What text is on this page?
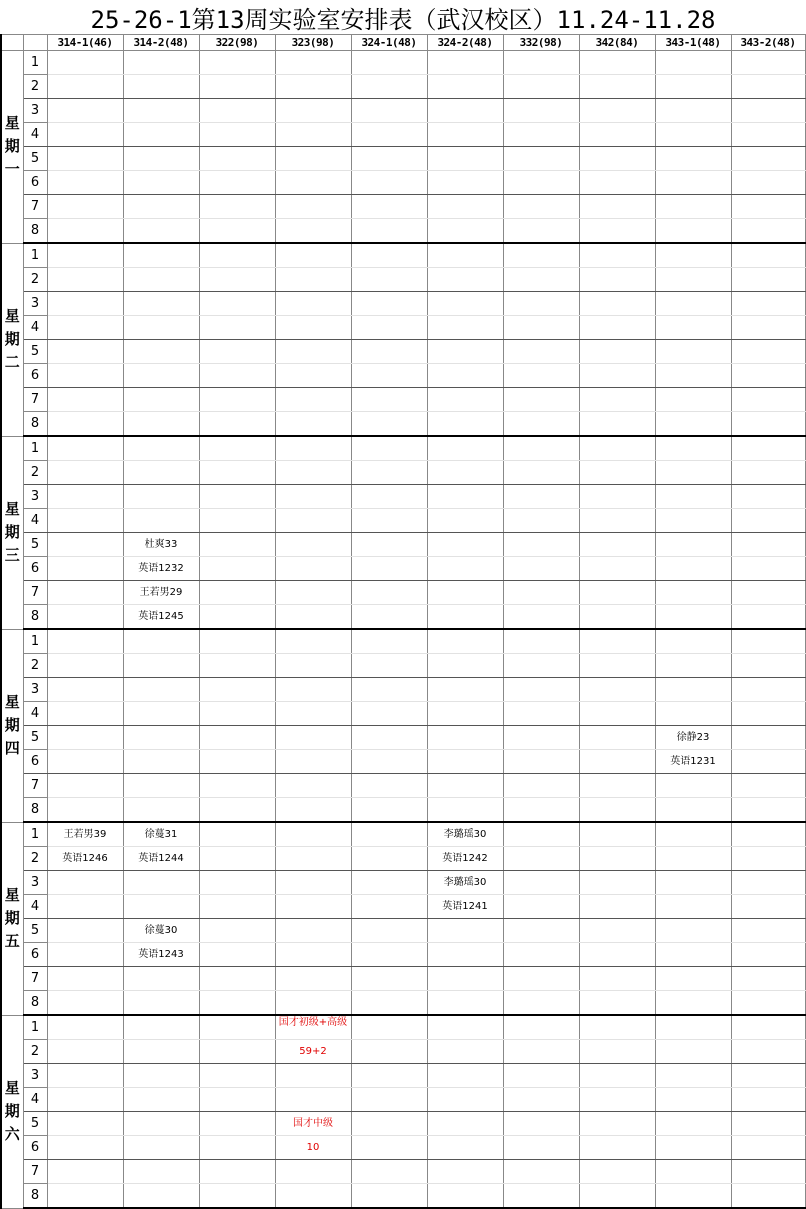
25-26-1第13周实验室安排表（武汉校区）11.24-11.28
		314-1(46)	314-2(48)	322(98)	323(98)	324-1(48)	324-2(48)	332(98)	342(84)	343-1(48)	343-2(48)
星期一	1										
	2										
	3										
	4										
	5										
	6										
	7										
	8										
星期二	1										
	2										
	3										
	4										
	5										
	6										
	7										
	8										
星期三	1										
	2										
	3										
	4										
	5		杜爽33								
	6		英语1232								
	7		王若男29								
	8		英语1245								
星期四	1										
	2										
	3										
	4										
	5									徐静23	
	6									英语1231	
	7										
	8										
星期五	1	王若男39	徐蔓31				李璐瑶30				
	2	英语1246	英语1244				英语1242				
	3						李璐瑶30				
	4						英语1241				
	5		徐蔓30								
	6		英语1243								
	7										
	8										
星期六	1				国才初级+高级						
	2				59+2						
	3										
	4										
	5				国才中级						
	6				10						
	7										
	8										
